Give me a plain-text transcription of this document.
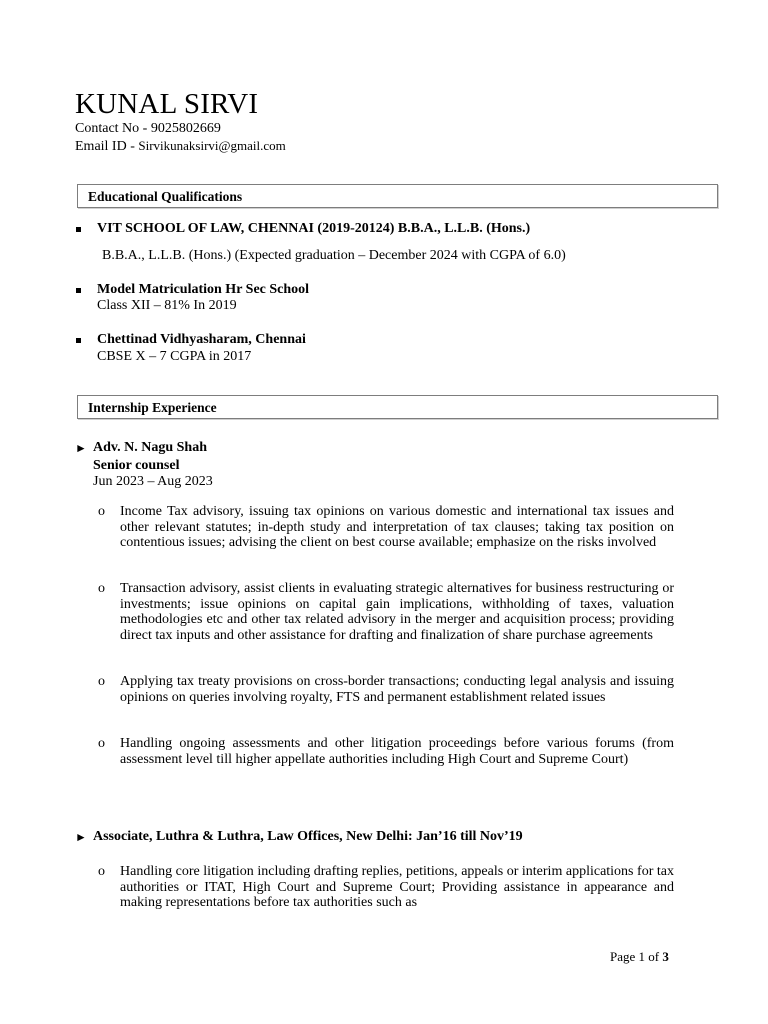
KUNAL SIRVI
Contact No - 9025802669
Email ID - Sirvikunaksirvi@gmail.com
Educational Qualifications
VIT SCHOOL OF LAW, CHENNAI (2019-20124) B.B.A., L.L.B. (Hons.)
B.B.A., L.L.B. (Hons.) (Expected graduation – December 2024 with CGPA of 6.0)
Model Matriculation Hr Sec School
Class XII – 81% In 2019
Chettinad Vidhyasharam, Chennai
CBSE X – 7 CGPA in 2017
Internship Experience
► Adv. N. Nagu Shah
Senior counsel
Jun 2023 – Aug 2023
o Income Tax advisory, issuing tax opinions on various domestic and international tax issues and other relevant statutes; in-depth study and interpretation of tax clauses; taking tax position on contentious issues; advising the client on best course available; emphasize on the risks involved
o Transaction advisory, assist clients in evaluating strategic alternatives for business restructuring or investments; issue opinions on capital gain implications, withholding of taxes, valuation methodologies etc and other tax related advisory in the merger and acquisition process; providing direct tax inputs and other assistance for drafting and finalization of share purchase agreements
o Applying tax treaty provisions on cross-border transactions; conducting legal analysis and issuing opinions on queries involving royalty, FTS and permanent establishment related issues
o Handling ongoing assessments and other litigation proceedings before various forums (from assessment level till higher appellate authorities including High Court and Supreme Court)
► Associate, Luthra & Luthra, Law Offices, New Delhi: Jan’16 till Nov’19
o Handling core litigation including drafting replies, petitions, appeals or interim applications for tax authorities or ITAT, High Court and Supreme Court; Providing assistance in appearance and making representations before tax authorities such as
Page 1 of 3
